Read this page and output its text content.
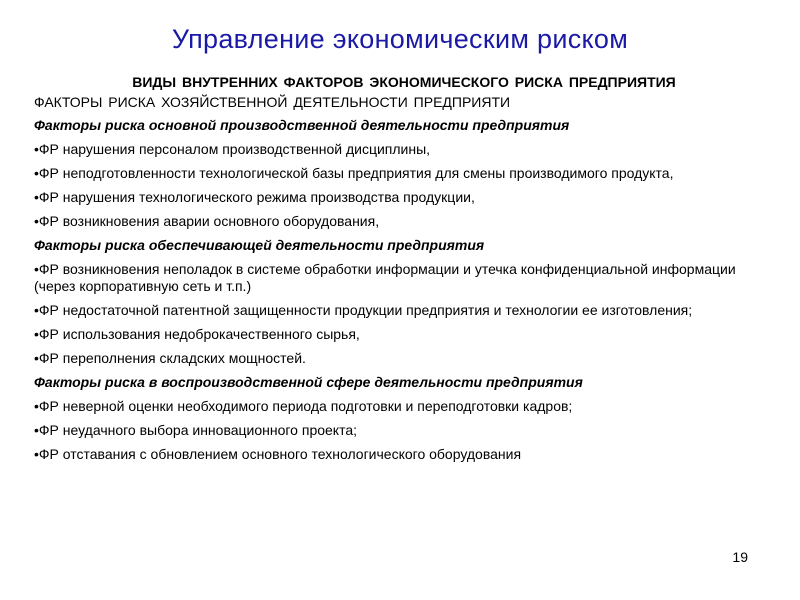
Управление экономическим риском
ВИДЫ ВНУТРЕННИХ ФАКТОРОВ ЭКОНОМИЧЕСКОГО РИСКА ПРЕДПРИЯТИЯ
ФАКТОРЫ РИСКА ХОЗЯЙСТВЕННОЙ ДЕЯТЕЛЬНОСТИ ПРЕДПРИЯТИ
Факторы риска основной производственной деятельности предприятия
•ФР нарушения персоналом производственной дисциплины,
•ФР неподготовленности технологической базы предприятия для смены производимого продукта,
•ФР нарушения технологического режима производства продукции,
•ФР возникновения аварии основного оборудования,
Факторы риска обеспечивающей деятельности предприятия
•ФР возникновения неполадок в системе обработки информации и утечка конфиденциальной информации (через корпоративную сеть и т.п.)
•ФР недостаточной патентной защищенности продукции предприятия и технологии ее изготовления;
•ФР использования недоброкачественного сырья,
•ФР переполнения складских мощностей.
Факторы риска в воспроизводственной сфере деятельности предприятия
•ФР неверной оценки необходимого периода подготовки и переподготовки кадров;
•ФР неудачного выбора инновационного проекта;
•ФР отставания с обновлением основного технологического оборудования
19
